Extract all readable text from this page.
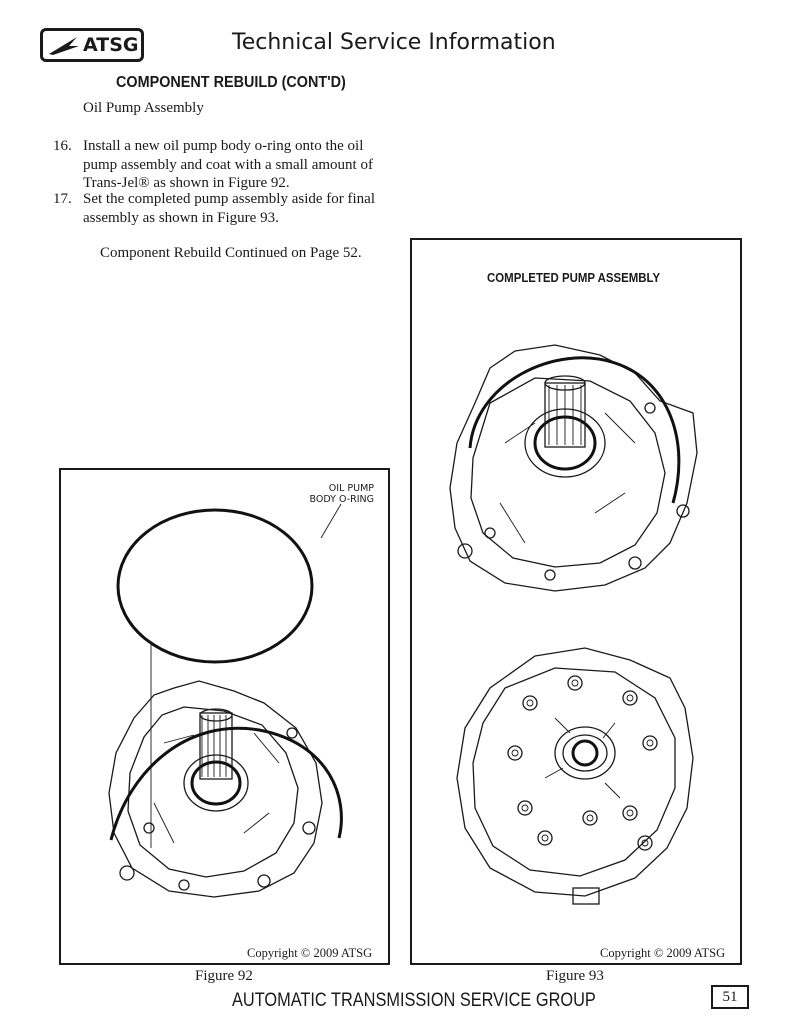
ATSG	Technical Service Information
COMPONENT REBUILD (CONT'D)
Oil Pump Assembly
16. Install a new oil pump body o-ring onto the oil
pump assembly and coat with a small amount of
Trans-Jel® as shown in Figure 92.
17. Set the completed pump assembly aside for final
assembly as shown in Figure 93.
Component Rebuild Continued on Page 52.
OIL PUMP
BODY O-RING
Copyright © 2009 ATSG
Figure 92
COMPLETED PUMP ASSEMBLY
Copyright © 2009 ATSG
Figure 93
AUTOMATIC TRANSMISSION SERVICE GROUP	51
